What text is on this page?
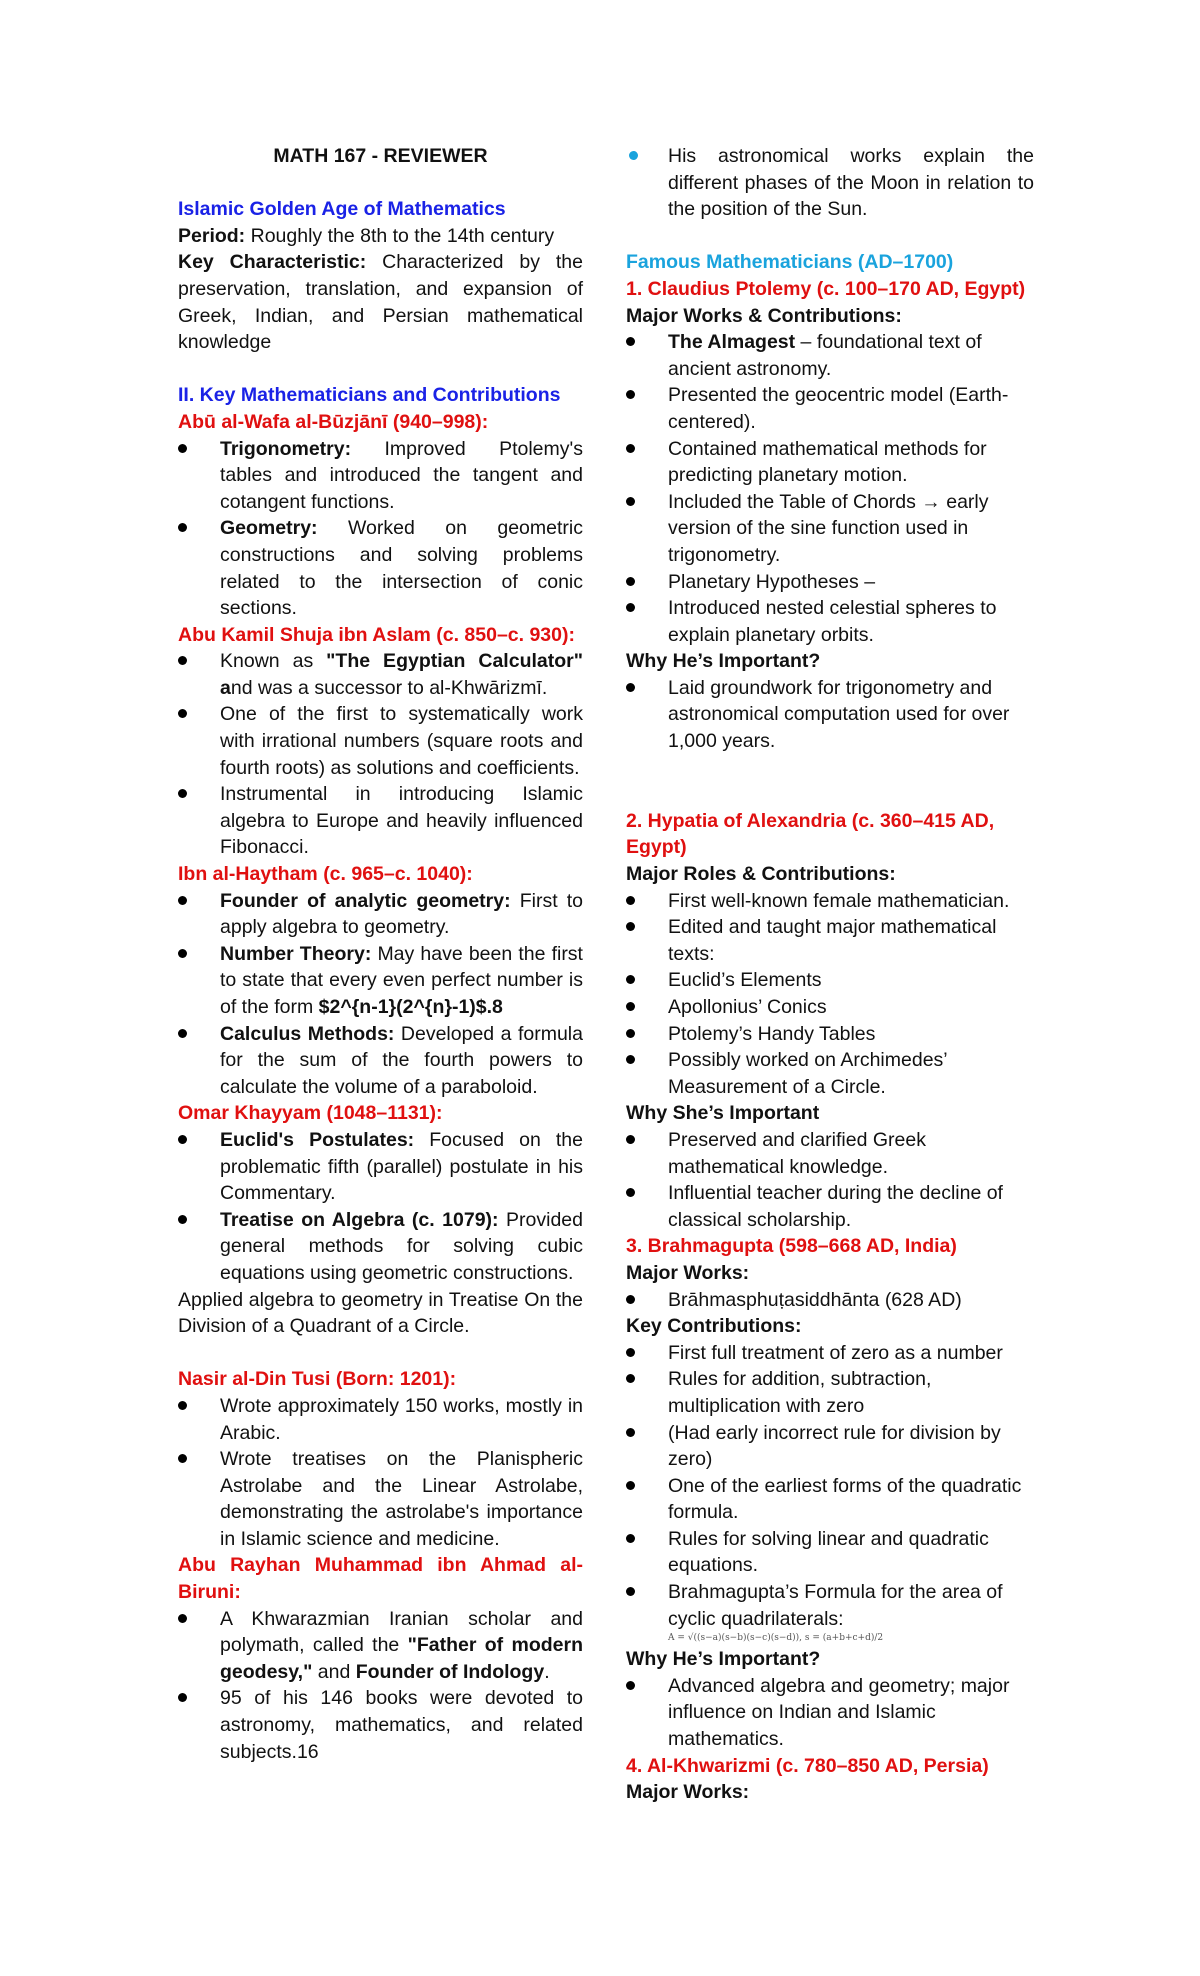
MATH 167 - REVIEWER

Islamic Golden Age of Mathematics

Period: Roughly the 8th to the 14th century

Key Characteristic: Characterized by the preservation, translation, and expansion of Greek, Indian, and Persian mathematical knowledge

II. Key Mathematicians and Contributions

Abū al-Wafa al-Būzjānī (940–998):

Trigonometry: Improved Ptolemy's tables and introduced the tangent and cotangent functions.
Geometry: Worked on geometric constructions and solving problems related to the intersection of conic sections.

Abu Kamil Shuja ibn Aslam (c. 850–c. 930):

Known as "The Egyptian Calculator" and was a successor to al-Khwārizmī.
One of the first to systematically work with irrational numbers (square roots and fourth roots) as solutions and coefficients.
Instrumental in introducing Islamic algebra to Europe and heavily influenced Fibonacci.

Ibn al-Haytham (c. 965–c. 1040):

Founder of analytic geometry: First to apply algebra to geometry.
Number Theory: May have been the first to state that every even perfect number is of the form $2^{n-1}(2^{n}-1)$.8
Calculus Methods: Developed a formula for the sum of the fourth powers to calculate the volume of a paraboloid.

Omar Khayyam (1048–1131):

Euclid's Postulates: Focused on the problematic fifth (parallel) postulate in his Commentary.
Treatise on Algebra (c. 1079): Provided general methods for solving cubic equations using geometric constructions.

Applied algebra to geometry in Treatise On the Division of a Quadrant of a Circle.

Nasir al-Din Tusi (Born: 1201):

Wrote approximately 150 works, mostly in Arabic.
Wrote treatises on the Planispheric Astrolabe and the Linear Astrolabe, demonstrating the astrolabe's importance in Islamic science and medicine.

Abu Rayhan Muhammad ibn Ahmad al-Biruni:

A Khwarazmian Iranian scholar and polymath, called the "Father of modern geodesy," and Founder of Indology.
95 of his 146 books were devoted to astronomy, mathematics, and related subjects.16
His astronomical works explain the different phases of the Moon in relation to the position of the Sun.

Famous Mathematicians (AD–1700)

1. Claudius Ptolemy (c. 100–170 AD, Egypt)

Major Works & Contributions:

The Almagest – foundational text of ancient astronomy.
Presented the geocentric model (Earth-centered).
Contained mathematical methods for predicting planetary motion.
Included the Table of Chords → early version of the sine function used in trigonometry.
Planetary Hypotheses –
Introduced nested celestial spheres to explain planetary orbits.

Why He’s Important?

Laid groundwork for trigonometry and astronomical computation used for over 1,000 years.

2. Hypatia of Alexandria (c. 360–415 AD, Egypt)

Major Roles & Contributions:

First well-known female mathematician.
Edited and taught major mathematical texts:
Euclid’s Elements
Apollonius’ Conics
Ptolemy’s Handy Tables
Possibly worked on Archimedes’ Measurement of a Circle.

Why She’s Important

Preserved and clarified Greek mathematical knowledge.
Influential teacher during the decline of classical scholarship.

3. Brahmagupta (598–668 AD, India)

Major Works:

Brāhmasphuṭasiddhānta (628 AD)

Key Contributions:

First full treatment of zero as a number
Rules for addition, subtraction, multiplication with zero
(Had early incorrect rule for division by zero)
One of the earliest forms of the quadratic formula.
Rules for solving linear and quadratic equations.
Brahmagupta’s Formula for the area of cyclic quadrilaterals:
A = √((s−a)(s−b)(s−c)(s−d)), s = (a+b+c+d)/2

Why He’s Important?

Advanced algebra and geometry; major influence on Indian and Islamic mathematics.

4. Al-Khwarizmi (c. 780–850 AD, Persia)

Major Works:
